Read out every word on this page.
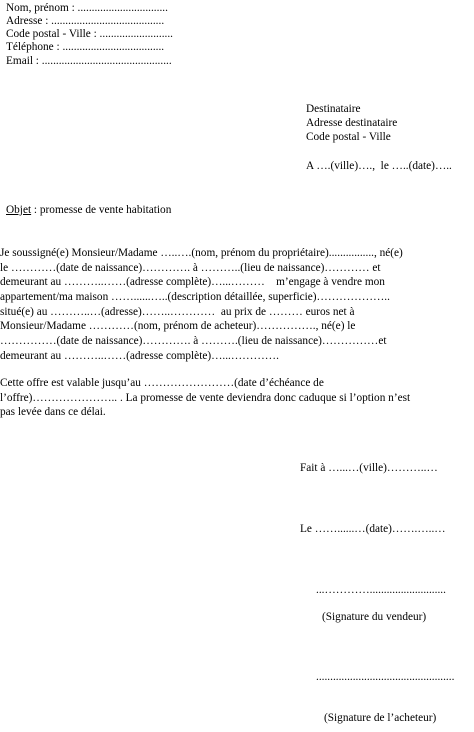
Nom, prénom : ................................
Adresse : ........................................
Code postal - Ville : ..........................
Téléphone : ....................................
Email : ..............................................
Destinataire
Adresse destinataire
Code postal - Ville
A ….(ville)….,  le …..(date)…..
Objet : promesse de vente habitation
Je soussigné(e) Monsieur/Madame …..….(nom, prénom du propriétaire)................, né(e)
le …………(date de naissance)…………. à ………..(lieu de naissance)………… et
demeurant au ………..……(adresse complète)…...………    m’engage à vendre mon
appartement/ma maison ……......…..(description détaillée, superficie)………………..
situé(e) au ………..…(adresse)……..…………  au prix de ……… euros net à
Monsieur/Madame …………(nom, prénom de acheteur)……………., né(e) le
……………(date de naissance)…………. à ……….(lieu de naissance)……………et
demeurant au ………..……(adresse complète)…...………….
Cette offre est valable jusqu’au ……………………(date d’échéance de
l’offre)………………….. . La promesse de vente deviendra donc caduque si l’option n’est
pas levée dans ce délai.
Fait à …...…(ville)………..…
Le ……......…(date)…….…..…
...…………...........................
(Signature du vendeur)
.................................................
(Signature de l’acheteur)
